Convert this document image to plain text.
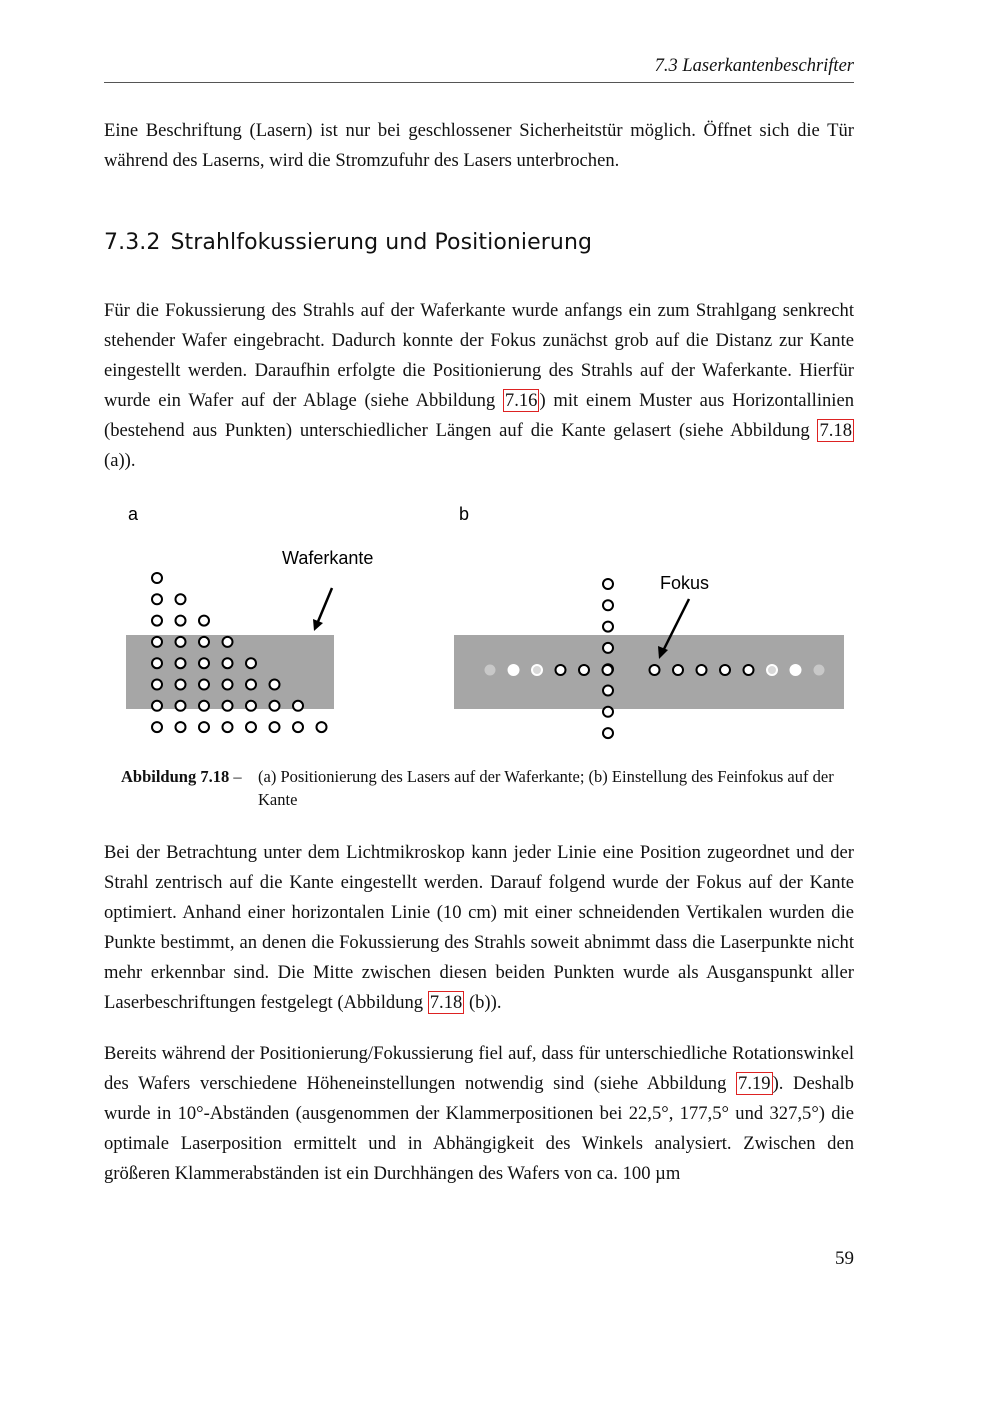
7.3 Laserkantenbeschrifter

Eine Beschriftung (Lasern) ist nur bei geschlossener Sicherheitstür möglich. Öffnet sich die Tür während des Laserns, wird die Stromzufuhr des Lasers unterbrochen.

7.3.2 Strahlfokussierung und Positionierung

Für die Fokussierung des Strahls auf der Waferkante wurde anfangs ein zum Strahlgang senkrecht stehender Wafer eingebracht. Dadurch konnte der Fokus zunächst grob auf die Distanz zur Kante eingestellt werden. Daraufhin erfolgte die Positionierung des Strahls auf der Waferkante. Hierfür wurde ein Wafer auf der Ablage (siehe Abbildung 7.16 ) mit einem Muster aus Horizontallinien (bestehend aus Punkten) unterschiedlicher Längen auf die Kante gelasert (siehe Abbildung 7.18 (a)).

a	b
Waferkante
Fokus
Abbildung 7.18 – (a) Positionierung des Lasers auf der Waferkante; (b) Einstellung des Feinfokus auf der Kante

Bei der Betrachtung unter dem Lichtmikroskop kann jeder Linie eine Position zugeordnet und der Strahl zentrisch auf die Kante eingestellt werden. Darauf folgend wurde der Fokus auf der Kante optimiert. Anhand einer horizontalen Linie (10 cm) mit einer schneidenden Vertikalen wurden die Punkte bestimmt, an denen die Fokussierung des Strahls soweit abnimmt dass die Laserpunkte nicht mehr erkennbar sind. Die Mitte zwischen diesen beiden Punkten wurde als Ausganspunkt aller Laserbeschriftungen festgelegt (Abbildung 7.18 (b)).

Bereits während der Positionierung/Fokussierung fiel auf, dass für unterschiedliche Rotationswinkel des Wafers verschiedene Höheneinstellungen notwendig sind (siehe Abbildung 7.19 ). Deshalb wurde in 10°-Abständen (ausgenommen der Klammerpositionen bei 22,5°, 177,5° und 327,5°) die optimale Laserposition ermittelt und in Abhängigkeit des Winkels analysiert. Zwischen den größeren Klammerabständen ist ein Durchhängen des Wafers von ca. 100 µm

59
